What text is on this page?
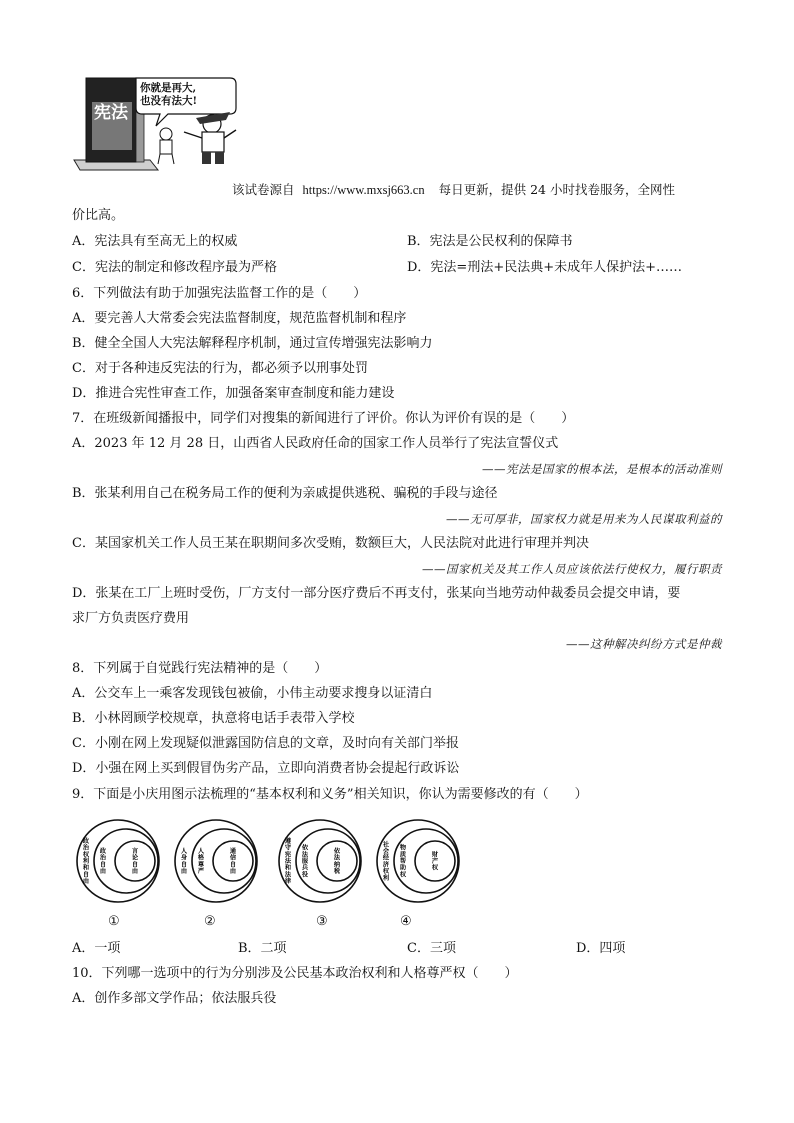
宪法
你就是再大,
也没有法大!
该试卷源自 https://www.mxsj663.cn 每日更新，提供 24 小时找卷服务，全网性
价比高。
A．宪法具有至高无上的权威	B．宪法是公民权利的保障书
C．宪法的制定和修改程序最为严格	D．宪法=刑法+民法典+未成年人保护法+……
6．下列做法有助于加强宪法监督工作的是（　　）
A．要完善人大常委会宪法监督制度，规范监督机制和程序
B．健全全国人大宪法解释程序机制，通过宣传增强宪法影响力
C．对于各种违反宪法的行为，都必须予以刑事处罚
D．推进合宪性审查工作，加强备案审查制度和能力建设
7．在班级新闻播报中，同学们对搜集的新闻进行了评价。你认为评价有误的是（　　）
A．2023 年 12 月 28 日，山西省人民政府任命的国家工作人员举行了宪法宣誓仪式
——宪法是国家的根本法，是根本的活动准则
B．张某利用自己在税务局工作的便利为亲戚提供逃税、骗税的手段与途径
——无可厚非，国家权力就是用来为人民谋取利益的
C．某国家机关工作人员王某在职期间多次受贿，数额巨大，人民法院对此进行审理并判决
——国家机关及其工作人员应该依法行使权力，履行职责
D．张某在工厂上班时受伤，厂方支付一部分医疗费后不再支付，张某向当地劳动仲裁委员会提交申请，要
求厂方负责医疗费用
——这种解决纠纷方式是仲裁
8．下列属于自觉践行宪法精神的是（　　）
A．公交车上一乘客发现钱包被偷，小伟主动要求搜身以证清白
B．小林罔顾学校规章，执意将电话手表带入学校
C．小刚在网上发现疑似泄露国防信息的文章，及时向有关部门举报
D．小强在网上买到假冒伪劣产品，立即向消费者协会提起行政诉讼
9．下面是小庆用图示法梳理的“基本权利和义务”相关知识，你认为需要修改的有（　　）
政治权利和自由
政治自由
言论自由
人身自由
人格尊严
通信自由
遵守宪法和法律
依法服兵役
依法纳税
社会经济权利
物质帮助权
财产权
①	②	③	④
A．一项	B．二项	C．三项	D．四项
10．下列哪一选项中的行为分别涉及公民基本政治权利和人格尊严权（　　）
A．创作多部文学作品；依法服兵役
